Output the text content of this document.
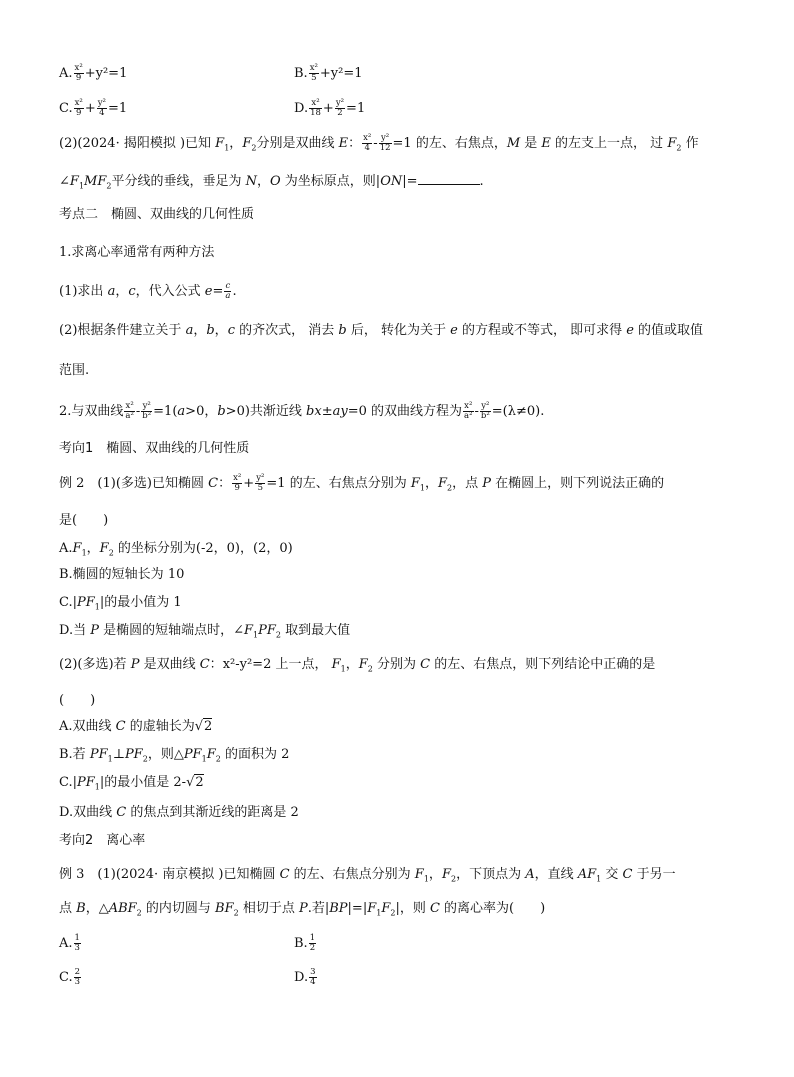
A. $\frac{\text{x²}}{9} +y^2=1$	B. $\frac{\text{x²}}{5} +y^2=1$
C. $\frac{\text{x²}}{9} + \frac{\text{y²}}{4} =1$	D. $\frac{\text{x²}}{18} + \frac{\text{y²}}{2} =1$
(2)(2024· 揭阳模拟 )已知 $F_1$，$F_2$分别是双曲线 E： $\frac{\text{x²}}{4} - \frac{\text{y²}}{12} =1$ 的左、右焦点，M 是 E 的左支上一点， 过 $F_2$ 作
$\angle F_1MF_2$平分线的垂线，垂足为 N，O 为坐标原点，则|ON|=	.
考点二　椭圆、双曲线的几何性质
1.求离心率通常有两种方法
(1)求出 a，c，代入公式 $e= \frac{c}{a}$ .
(2)根据条件建立关于 a，b，c 的齐次式， 消去 b 后， 转化为关于 e 的方程或不等式， 即可求得 e 的值或取值
范围.
2.与双曲线 $\frac{\text{x²}}{\text{a²}} - \frac{\text{y²}}{\text{b²}} =1(a>0$，b>0)共渐近线 bx±ay=0 的双曲线方程为 $\frac{\text{x²}}{\text{a²}} - \frac{\text{y²}}{\text{b²}} =(\lambda\ne 0)$.
考向1　椭圆、双曲线的几何性质
例 2　(1)(多选)已知椭圆 C： $\frac{\text{x²}}{9} + \frac{\text{y²}}{5} =1$ 的左、右焦点分别为 $F_1$，$F_2$，点 P 在椭圆上，则下列说法正确的
是(　　)
$A.F_1$，$F_2$ 的坐标分别为(-2，0)，(2，0)
B.椭圆的短轴长为 10
$C.|PF_1|$的最小值为 1
D.当 P 是椭圆的短轴端点时，$\angle F_1PF_2$ 取到最大值
(2)(多选)若 P 是双曲线 C：x²-y²=2 上一点， $F_1$，$F_2$ 分别为 C 的左、右焦点，则下列结论中正确的是
(　　)
A.双曲线 C 的虚轴长为√2
B.若 $PF_1\perp PF_2$，则$\triangle PF_1F_2$ 的面积为 2
$C.|PF_1|$的最小值是 2-√2
D.双曲线 C 的焦点到其渐近线的距离是 2
考向2　离心率
例 3　(1)(2024· 南京模拟 )已知椭圆 C 的左、右焦点分别为 $F_1$，$F_2$，下顶点为 A，直线 $AF_1$ 交 C 于另一
点 B，$\triangle ABF_2$ 的内切圆与 $BF_2$ 相切于点 P.若$|BP|=|F_1F_2|$，则 C 的离心率为(　　)
A. $\frac{1}{3}$	B. $\frac{1}{2}$
C. $\frac{2}{3}$	D. $\frac{3}{4}$
